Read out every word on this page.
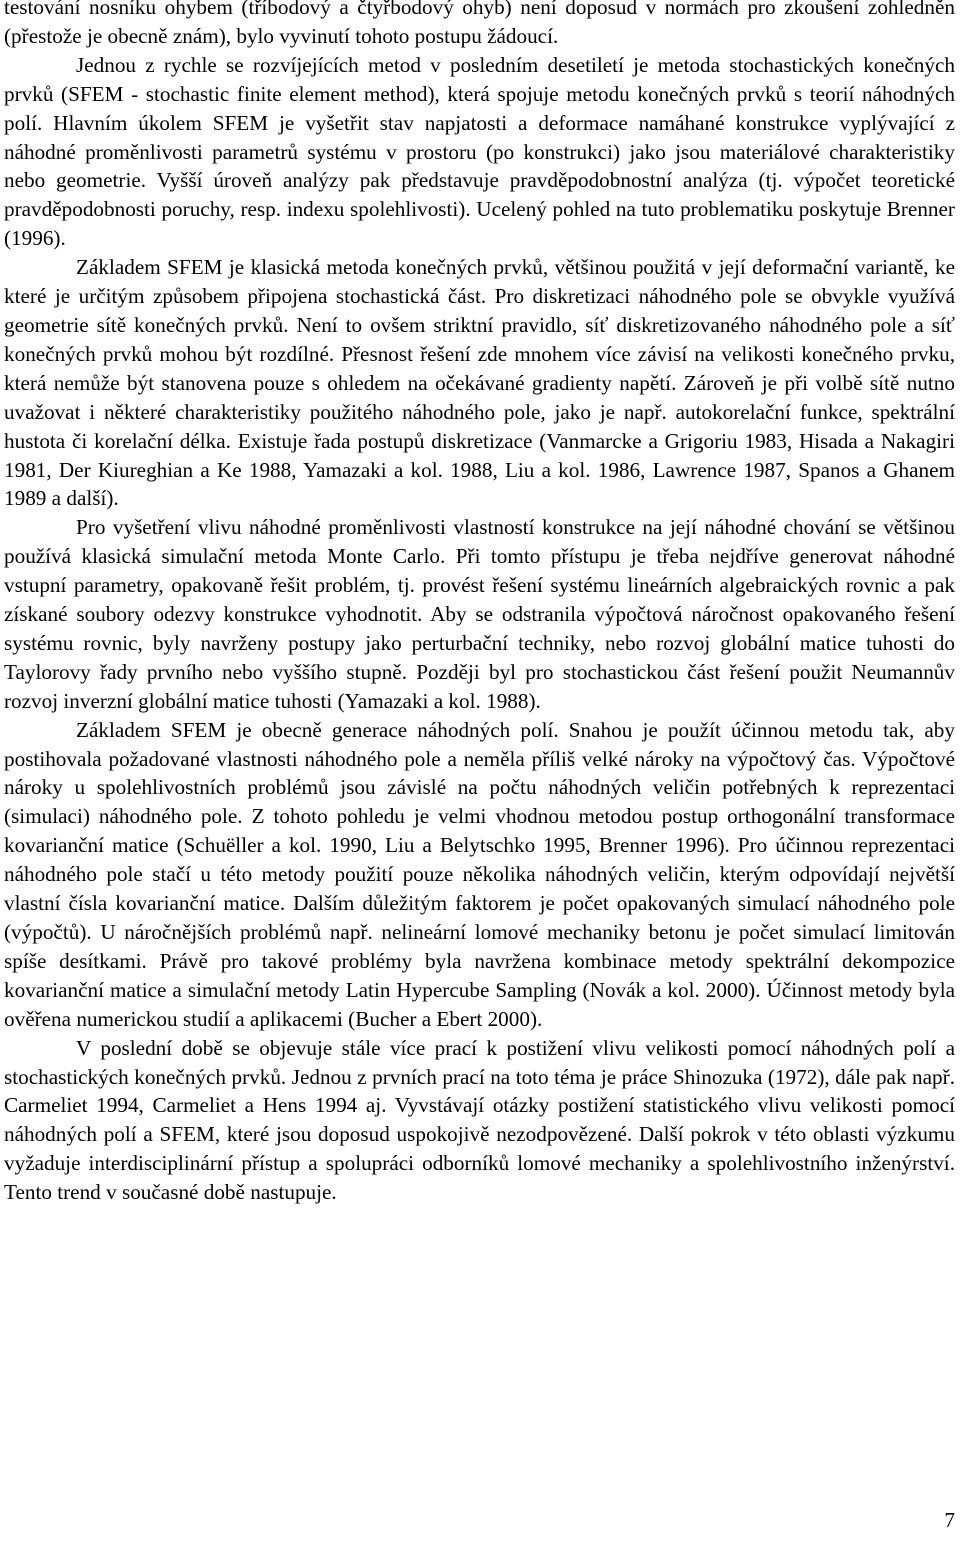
testování nosníku ohybem (tříbodový a čtyřbodový ohyb) není doposud v normách pro zkoušení zohledněn (přestože je obecně znám), bylo vyvinutí tohoto postupu žádoucí.

Jednou z rychle se rozvíjejících metod v posledním desetiletí je metoda stochastických konečných prvků (SFEM - stochastic finite element method), která spojuje metodu konečných prvků s teorií náhodných polí. Hlavním úkolem SFEM je vyšetřit stav napjatosti a deformace namáhané konstrukce vyplývající z náhodné proměnlivosti parametrů systému v prostoru (po konstrukci) jako jsou materiálové charakteristiky nebo geometrie. Vyšší úroveň analýzy pak představuje pravděpodobnostní analýza (tj. výpočet teoretické pravděpodobnosti poruchy, resp. indexu spolehlivosti). Ucelený pohled na tuto problematiku poskytuje Brenner (1996).

Základem SFEM je klasická metoda konečných prvků, většinou použitá v její deformační variantě, ke které je určitým způsobem připojena stochastická část. Pro diskretizaci náhodného pole se obvykle využívá geometrie sítě konečných prvků. Není to ovšem striktní pravidlo, síť diskretizovaného náhodného pole a síť konečných prvků mohou být rozdílné. Přesnost řešení zde mnohem více závisí na velikosti konečného prvku, která nemůže být stanovena pouze s ohledem na očekávané gradienty napětí. Zároveň je při volbě sítě nutno uvažovat i některé charakteristiky použitého náhodného pole, jako je např. autokorelační funkce, spektrální hustota či korelační délka. Existuje řada postupů diskretizace (Vanmarcke a Grigoriu 1983, Hisada a Nakagiri 1981, Der Kiureghian a Ke 1988, Yamazaki a kol. 1988, Liu a kol. 1986, Lawrence 1987, Spanos a Ghanem 1989 a další).

Pro vyšetření vlivu náhodné proměnlivosti vlastností konstrukce na její náhodné chování se většinou používá klasická simulační metoda Monte Carlo. Při tomto přístupu je třeba nejdříve generovat náhodné vstupní parametry, opakovaně řešit problém, tj. provést řešení systému lineárních algebraických rovnic a pak získané soubory odezvy konstrukce vyhodnotit. Aby se odstranila výpočtová náročnost opakovaného řešení systému rovnic, byly navrženy postupy jako perturbační techniky, nebo rozvoj globální matice tuhosti do Taylorovy řady prvního nebo vyššího stupně. Později byl pro stochastickou část řešení použit Neumannův rozvoj inverzní globální matice tuhosti (Yamazaki a kol. 1988).

Základem SFEM je obecně generace náhodných polí. Snahou je použít účinnou metodu tak, aby postihovala požadované vlastnosti náhodného pole a neměla příliš velké nároky na výpočtový čas. Výpočtové nároky u spolehlivostních problémů jsou závislé na počtu náhodných veličin potřebných k reprezentaci (simulaci) náhodného pole. Z tohoto pohledu je velmi vhodnou metodou postup orthogonální transformace kovarianční matice (Schuëller a kol. 1990, Liu a Belytschko 1995, Brenner 1996). Pro účinnou reprezentaci náhodného pole stačí u této metody použití pouze několika náhodných veličin, kterým odpovídají největší vlastní čísla kovarianční matice. Dalším důležitým faktorem je počet opakovaných simulací náhodného pole (výpočtů). U náročnějších problémů např. nelineární lomové mechaniky betonu je počet simulací limitován spíše desítkami. Právě pro takové problémy byla navržena kombinace metody spektrální dekompozice kovarianční matice a simulační metody Latin Hypercube Sampling (Novák a kol. 2000). Účinnost metody byla ověřena numerickou studií a aplikacemi (Bucher a Ebert 2000).

V poslední době se objevuje stále více prací k postižení vlivu velikosti pomocí náhodných polí a stochastických konečných prvků. Jednou z prvních prací na toto téma je práce Shinozuka (1972), dále pak např. Carmeliet 1994, Carmeliet a Hens 1994 aj. Vyvstávají otázky postižení statistického vlivu velikosti pomocí náhodných polí a SFEM, které jsou doposud uspokojivě nezodpovězené. Další pokrok v této oblasti výzkumu vyžaduje interdisciplinární přístup a spolupráci odborníků lomové mechaniky a spolehlivostního inženýrství. Tento trend v současné době nastupuje.

7
